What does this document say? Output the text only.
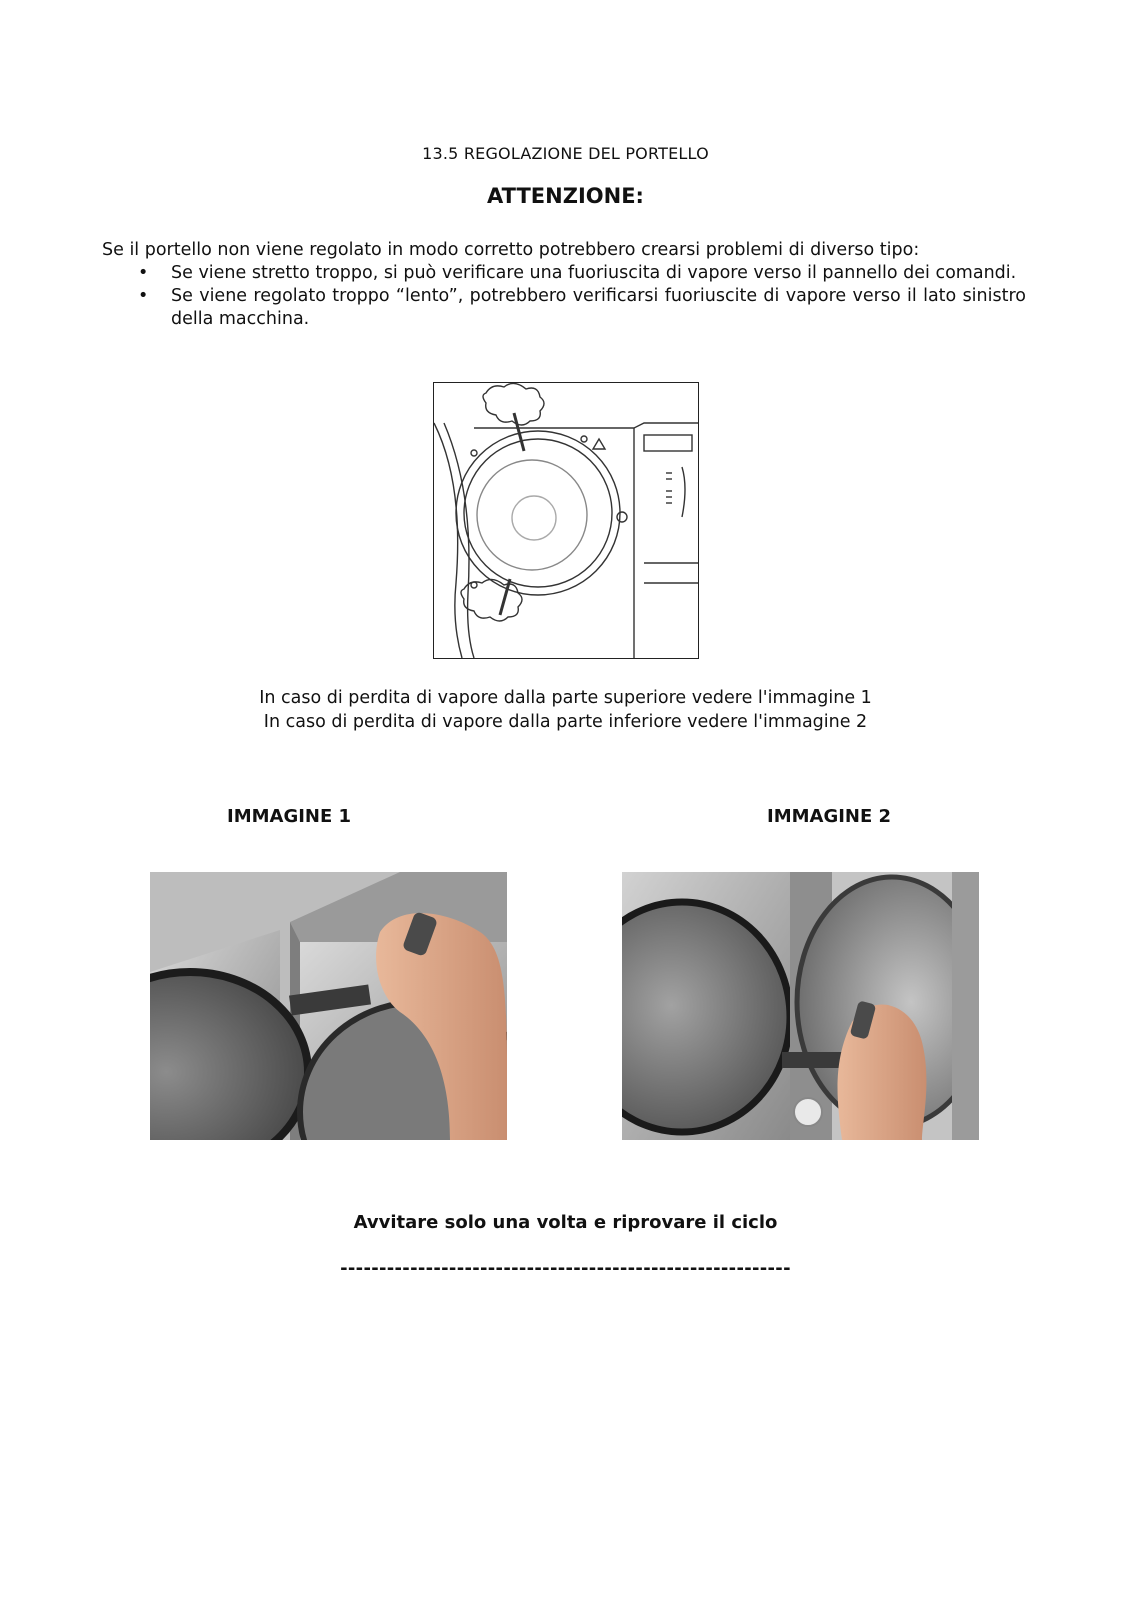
13.5 REGOLAZIONE DEL PORTELLO
ATTENZIONE:
Se il portello non viene regolato in modo corretto potrebbero crearsi problemi di diverso tipo:
• Se viene stretto troppo, si può verificare una fuoriuscita di vapore verso il pannello dei comandi.
• Se viene regolato troppo “lento”, potrebbero verificarsi fuoriuscite di vapore verso il lato sinistro della macchina.
In caso di perdita di vapore dalla parte superiore vedere l'immagine 1
In caso di perdita di vapore dalla parte inferiore vedere l'immagine 2
IMMAGINE 1	IMMAGINE 2
Avvitare solo una volta e riprovare il ciclo
----------------------------------------------------------
